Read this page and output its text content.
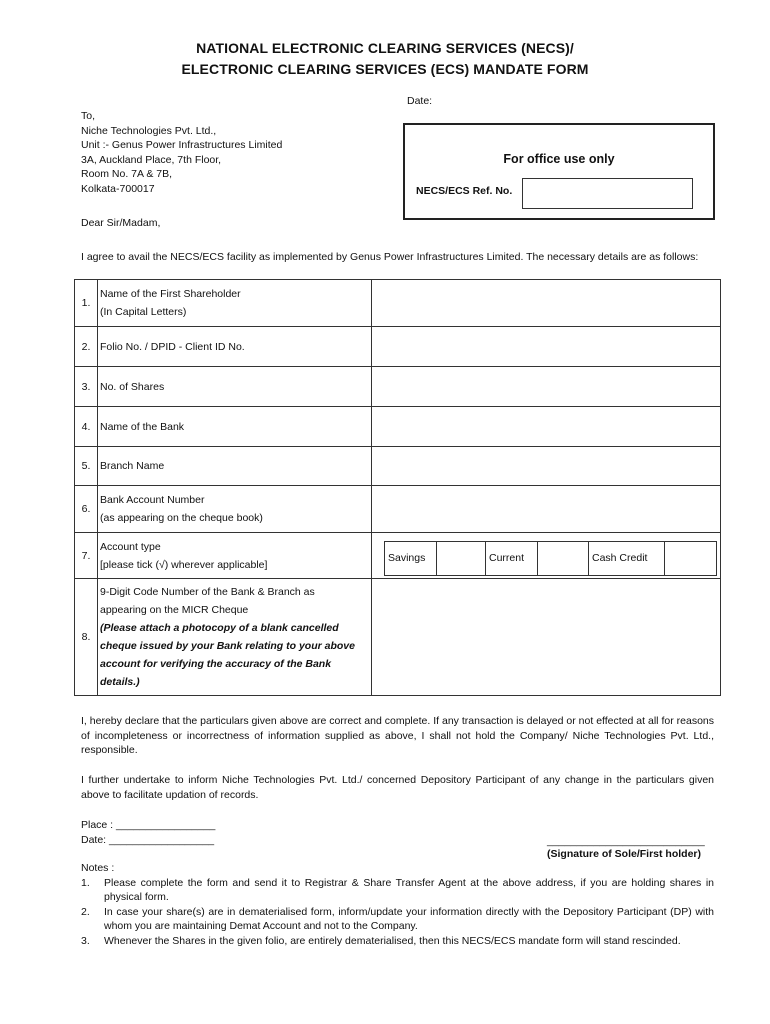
NATIONAL ELECTRONIC CLEARING SERVICES (NECS)/
ELECTRONIC CLEARING SERVICES (ECS) MANDATE FORM
Date:
To,
Niche Technologies Pvt. Ltd.,
Unit :- Genus Power Infrastructures Limited
3A, Auckland Place, 7th Floor,
Room No. 7A & 7B,
Kolkata-700017
For office use only
NECS/ECS Ref. No.
Dear Sir/Madam,
I agree to avail the NECS/ECS facility as implemented by Genus Power Infrastructures Limited. The necessary details are as follows:
1.
Name of the First Shareholder
(In Capital Letters)
2. Folio No. / DPID - Client ID No.
3. No. of Shares
4. Name of the Bank
5. Branch Name
6.
Bank Account Number
(as appearing on the cheque book)
7.
Account type
[please tick (√) wherever applicable]
Savings	Current	Cash Credit
8.
9-Digit Code Number of the Bank & Branch as
appearing on the MICR Cheque
(Please attach a photocopy of a blank cancelled
cheque issued by your Bank relating to your above
account for verifying the accuracy of the Bank
details.)
I, hereby declare that the particulars given above are correct and complete. If any transaction is delayed or not effected at all for reasons of incompleteness or incorrectness of information supplied as above, I shall not hold the Company/ Niche Technologies Pvt. Ltd., responsible.
I further undertake to inform Niche Technologies Pvt. Ltd./ concerned Depository Participant of any change in the particulars given above to facilitate updation of records.
Place : _________________
Date: __________________	___________________________
(Signature of Sole/First holder)
Notes :
1. Please complete the form and send it to Registrar & Share Transfer Agent at the above address, if you are holding shares in physical form.
2. In case your share(s) are in dematerialised form, inform/update your information directly with the Depository Participant (DP) with whom you are maintaining Demat Account and not to the Company.
3. Whenever the Shares in the given folio, are entirely dematerialised, then this NECS/ECS mandate form will stand rescinded.
